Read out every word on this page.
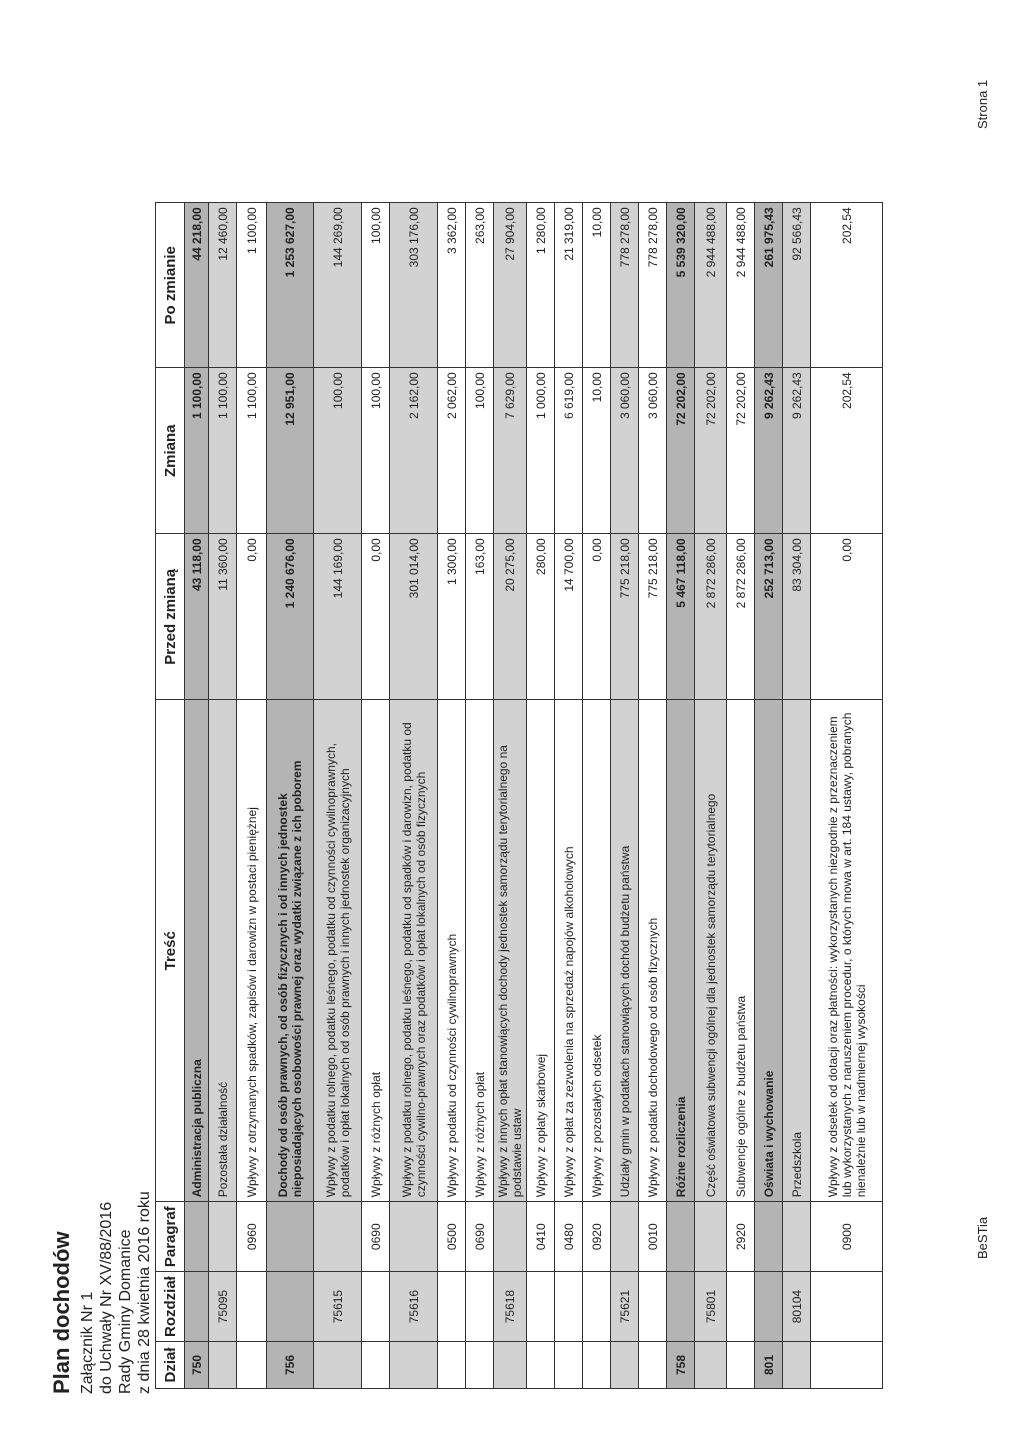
Plan dochodów Załącznik Nr 1 do Uchwały Nr XV/88/2016 Rady Gminy Domanice z dnia 28 kwietnia 2016 roku Dział	Rozdział	Paragraf	Treść	Przed zmianą	Zmiana	Po zmianie
750			Administracja publiczna	43 118,00	1 100,00	44 218,00
	75095		Pozostała działalność	11 360,00	1 100,00	12 460,00
		0960	Wpływy z otrzymanych spadków, zapisów i darowizn w postaci pieniężnej	0,00	1 100,00	1 100,00
756			Dochody od osób prawnych, od osób fizycznych i od innych jednostek nieposiadających osobowości prawnej oraz wydatki związane z ich poborem	1 240 676,00	12 951,00	1 253 627,00
	75615		Wpływy z podatku rolnego, podatku leśnego, podatku od czynności cywilnoprawnych, podatków i opłat lokalnych od osób prawnych i innych jednostek organizacyjnych	144 169,00	100,00	144 269,00
		0690	Wpływy z różnych opłat	0,00	100,00	100,00
	75616		Wpływy z podatku rolnego, podatku leśnego, podatku od spadków i darowizn, podatku od czynności cywilno-prawnych oraz podatków i opłat lokalnych od osób fizycznych	301 014,00	2 162,00	303 176,00
		0500	Wpływy z podatku od czynności cywilnoprawnych	1 300,00	2 062,00	3 362,00
		0690	Wpływy z różnych opłat	163,00	100,00	263,00
	75618		Wpływy z innych opłat stanowiących dochody jednostek samorządu terytorialnego na podstawie ustaw	20 275,00	7 629,00	27 904,00
		0410	Wpływy z opłaty skarbowej	280,00	1 000,00	1 280,00
		0480	Wpływy z opłat za zezwolenia na sprzedaż napojów alkoholowych	14 700,00	6 619,00	21 319,00
		0920	Wpływy z pozostałych odsetek	0,00	10,00	10,00
	75621		Udziały gmin w podatkach stanowiących dochód budżetu państwa	775 218,00	3 060,00	778 278,00
		0010	Wpływy z podatku dochodowego od osób fizycznych	775 218,00	3 060,00	778 278,00
758			Różne rozliczenia	5 467 118,00	72 202,00	5 539 320,00
	75801		Część oświatowa subwencji ogólnej dla jednostek samorządu terytorialnego	2 872 286,00	72 202,00	2 944 488,00
		2920	Subwencje ogólne z budżetu państwa	2 872 286,00	72 202,00	2 944 488,00
801			Oświata i wychowanie	252 713,00	9 262,43	261 975,43
	80104		Przedszkola	83 304,00	9 262,43	92 566,43
		0900	Wpływy z odsetek od dotacji oraz płatności: wykorzystanych niezgodnie z przeznaczeniem lub wykorzystanych z naruszeniem procedur, o których mowa w art. 184 ustawy, pobranych nienależnie lub w nadmiernej wysokości	0,00	202,54	202,54
BeSTia
Strona 1
